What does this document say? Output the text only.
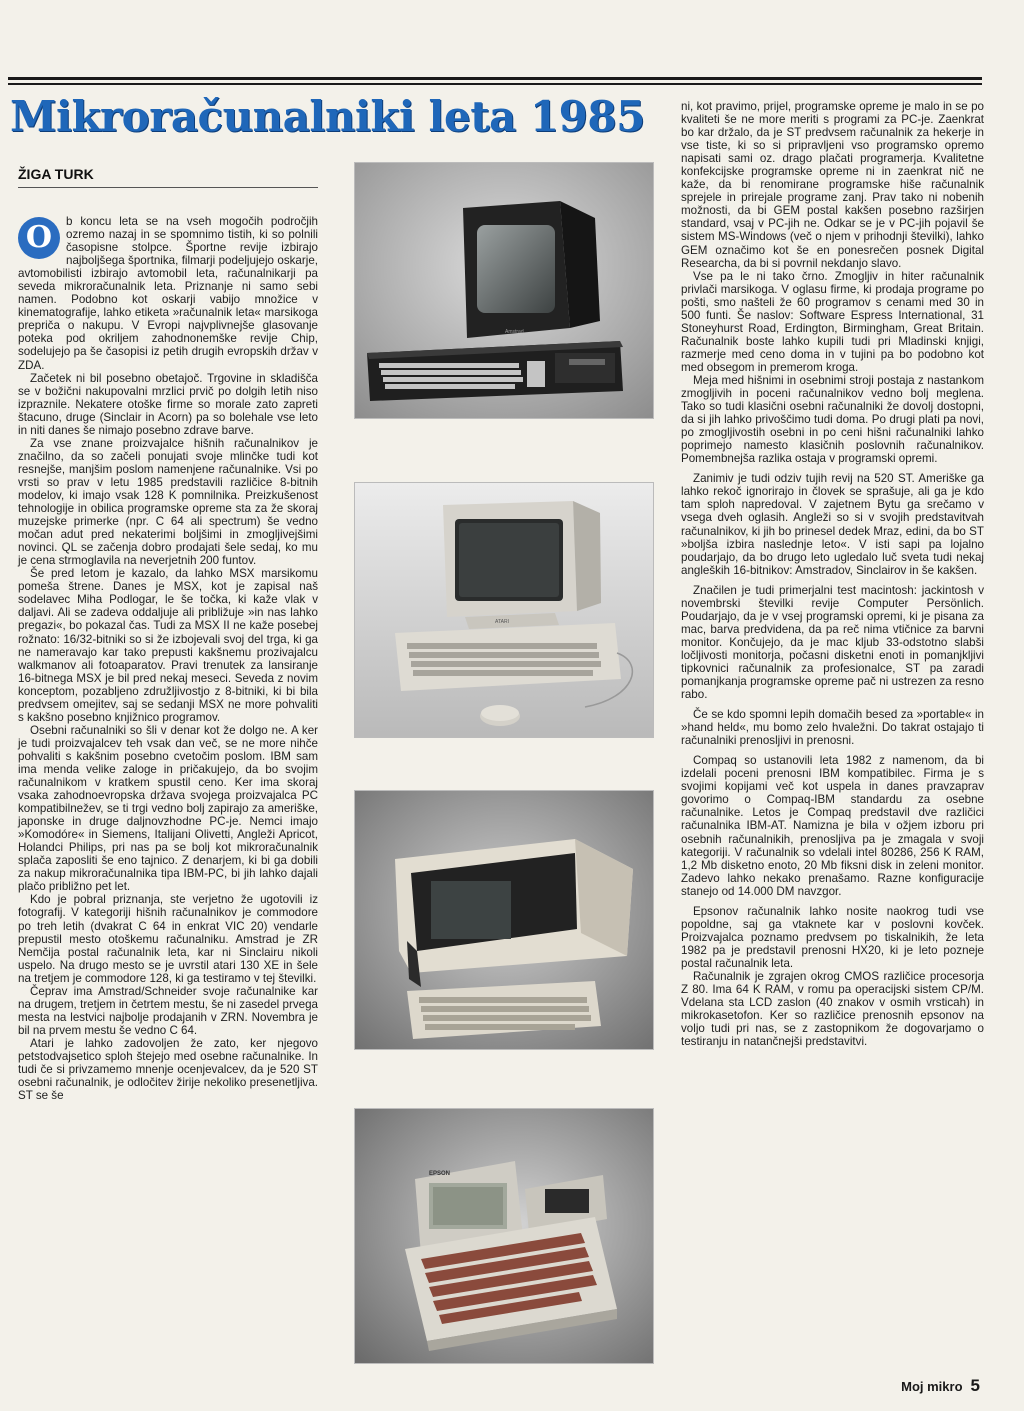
Mikroračunalniki leta 1985
ŽIGA TURK

O	b koncu leta se na vseh mogočih področjih ozremo nazaj in se spomnimo tistih, ki so polnili časopisne stolpce. Športne revije izbirajo najboljšega športnika, filmarji podeljujejo oskarje, avtomobilisti izbirajo avtomobil leta, računalnikarji pa seveda mikroračunalnik leta. Priznanje ni samo sebi namen. Podobno kot oskarji vabijo množice v kinematografije, lahko etiketa »računalnik leta« marsikoga prepriča o nakupu. V Evropi najvplivnejše glasovanje poteka pod okriljem zahodnonemške revije Chip, sodelujejo pa še časopisi iz petih drugih evropskih držav v ZDA.

Začetek ni bil posebno obetajoč. Trgovine in skladišča se v božični nakupovalni mrzlici prvič po dolgih letih niso izpraznile. Nekatere otoške firme so morale zato zapreti štacuno, druge (Sinclair in Acorn) pa so bolehale vse leto in niti danes še nimajo posebno zdrave barve.

Za vse znane proizvajalce hišnih računalnikov je značilno, da so začeli ponujati svoje mlinčke tudi kot resnejše, manjšim poslom namenjene računalnike. Vsi po vrsti so prav v letu 1985 predstavili različice 8-bitnih modelov, ki imajo vsak 128 K pomnilnika. Preizkušenost tehnologije in obilica programske opreme sta za že skoraj muzejske primerke (npr. C 64 ali spectrum) še vedno močan adut pred nekaterimi boljšimi in zmogljivejšimi novinci. QL se začenja dobro prodajati šele sedaj, ko mu je cena strmoglavila na neverjetnih 200 funtov.

Še pred letom je kazalo, da lahko MSX marsikomu pomeša štrene. Danes je MSX, kot je zapisal naš sodelavec Miha Podlogar, le še točka, ki kaže vlak v daljavi. Ali se zadeva oddaljuje ali približuje »in nas lahko pregazi«, bo pokazal čas. Tudi za MSX II ne kaže posebej rožnato: 16/32-bitniki so si že izbojevali svoj del trga, ki ga ne nameravajo kar tako prepusti kakšnemu prozivajalcu walkmanov ali fotoaparatov. Pravi trenutek za lansiranje 16-bitnega MSX je bil pred nekaj meseci. Seveda z novim konceptom, pozabljeno združljivostjo z 8-bitniki, ki bi bila predvsem omejitev, saj se sedanji MSX ne more pohvaliti s kakšno posebno knjižnico programov.

Osebni računalniki so šli v denar kot že dolgo ne. A ker je tudi proizvajalcev teh vsak dan več, se ne more nihče pohvaliti s kakšnim posebno cvetočim poslom. IBM sam ima menda velike zaloge in pričakujejo, da bo svojim računalnikom v kratkem spustil ceno. Ker ima skoraj vsaka zahodnoevropska država svojega proizvajalca PC kompatibilnežev, se ti trgi vedno bolj zapirajo za ameriške, japonske in druge daljnovzhodne PC-je. Nemci imajo »Komodóre« in Siemens, Italijani Olivetti, Angleži Apricot, Holandci Philips, pri nas pa se bolj kot mikroračunalnik splača zaposliti še eno tajnico. Z denarjem, ki bi ga dobili za nakup mikroračunalnika tipa IBM-PC, bi jih lahko dajali plačo približno pet let.

Kdo je pobral priznanja, ste verjetno že ugotovili iz fotografij. V kategoriji hišnih računalnikov je commodore po treh letih (dvakrat C 64 in enkrat VIC 20) vendarle prepustil mesto otoškemu računalniku. Amstrad je ZR Nemčija postal računalnik leta, kar ni Sinclairu nikoli uspelo. Na drugo mesto se je uvrstil atari 130 XE in šele na tretjem je commodore 128, ki ga testiramo v tej številki.

Čeprav ima Amstrad/Schneider svoje računalnike kar na drugem, tretjem in četrtem mestu, še ni zasedel prvega mesta na lestvici najbolje prodajanih v ZRN. Novembra je bil na prvem mestu še vedno C 64.

Atari je lahko zadovoljen že zato, ker njegovo petstodvajsetico sploh štejejo med osebne računalnike. In tudi če si privzamemo mnenje ocenjevalcev, da je 520 ST osebni računalnik, je odločitev žirije nekoliko presenetljiva. ST se še

Amstrad
ATARI
EPSON

ni, kot pravimo, prijel, programske opreme je malo in se po kvaliteti še ne more meriti s programi za PC-je. Zaenkrat bo kar držalo, da je ST predvsem računalnik za hekerje in vse tiste, ki so si pripravljeni vso programsko opremo napisati sami oz. drago plačati programerja. Kvalitetne konfekcijske programske opreme ni in zaenkrat nič ne kaže, da bi renomirane programske hiše računalnik sprejele in prirejale programe zanj. Prav tako ni nobenih možnosti, da bi GEM postal kakšen posebno razširjen standard, vsaj v PC-jih ne. Odkar se je v PC-jih pojavil še sistem MS-Windows (več o njem v prihodnji številki), lahko GEM označimo kot še en ponesrečen posnek Digital Researcha, da bi si povrnil nekdanjo slavo.

Vse pa le ni tako črno. Zmogljiv in hiter računalnik privlači marsikoga. V oglasu firme, ki prodaja programe po pošti, smo našteli že 60 programov s cenami med 30 in 500 funti. Še naslov: Software Espress International, 31 Stoneyhurst Road, Erdington, Birmingham, Great Britain. Računalnik boste lahko kupili tudi pri Mladinski knjigi, razmerje med ceno doma in v tujini pa bo podobno kot med obsegom in premerom kroga.

Meja med hišnimi in osebnimi stroji postaja z nastankom zmogljivih in poceni računalnikov vedno bolj meglena. Tako so tudi klasični osebni računalniki že dovolj dostopni, da si jih lahko privoščimo tudi doma. Po drugi plati pa novi, po zmogljivostih osebni in po ceni hišni računalniki lahko poprimejo namesto klasičnih poslovnih računalnikov. Pomembnejša razlika ostaja v programski opremi.

Zanimiv je tudi odziv tujih revij na 520 ST. Ameriške ga lahko rekoč ignorirajo in človek se sprašuje, ali ga je kdo tam sploh napredoval. V zajetnem Bytu ga srečamo v vsega dveh oglasih. Angleži so si v svojih predstavitvah računalnikov, ki jih bo prinesel dedek Mraz, edini, da bo ST »boljša izbira naslednje leto«. V isti sapi pa lojalno poudarjajo, da bo drugo leto ugledalo luč sveta tudi nekaj angleških 16-bitnikov: Amstradov, Sinclairov in še kakšen.

Značilen je tudi primerjalni test macintosh: jackintosh v novembrski številki revije Computer Persönlich. Poudarjajo, da je v vsej programski opremi, ki je pisana za mac, barva predvidena, da pa reč nima vtičnice za barvni monitor. Končujejo, da je mac kljub 33-odstotno slabši ločljivosti monitorja, počasni disketni enoti in pomanjkljivi tipkovnici računalnik za profesionalce, ST pa zaradi pomanjkanja programske opreme pač ni ustrezen za resno rabo.

Če se kdo spomni lepih domačih besed za »portable« in »hand held«, mu bomo zelo hvaležni. Do takrat ostajajo ti računalniki prenosljivi in prenosni.

Compaq so ustanovili leta 1982 z namenom, da bi izdelali poceni prenosni IBM kompatibilec. Firma je s svojimi kopijami več kot uspela in danes pravzaprav govorimo o Compaq-IBM standardu za osebne računalnike. Letos je Compaq predstavil dve različici računalnika IBM-AT. Namizna je bila v ožjem izboru pri osebnih računalnikih, prenosljiva pa je zmagala v svoji kategoriji. V računalnik so vdelali intel 80286, 256 K RAM, 1,2 Mb disketno enoto, 20 Mb fiksni disk in zeleni monitor. Zadevo lahko nekako prenašamo. Razne konfiguracije stanejo od 14.000 DM navzgor.

Epsonov računalnik lahko nosite naokrog tudi vse popoldne, saj ga vtaknete kar v poslovni kovček. Proizvajalca poznamo predvsem po tiskalnikih, že leta 1982 pa je predstavil prenosni HX20, ki je leto pozneje postal računalnik leta.

Računalnik je zgrajen okrog CMOS različice procesorja Z 80. Ima 64 K RAM, v romu pa operacijski sistem CP/M. Vdelana sta LCD zaslon (40 znakov v osmih vrsticah) in mikrokasetofon. Ker so različice prenosnih epsonov na voljo tudi pri nas, se z zastopnikom že dogovarjamo o testiranju in natančnejši predstavitvi.

Moj mikro 5
